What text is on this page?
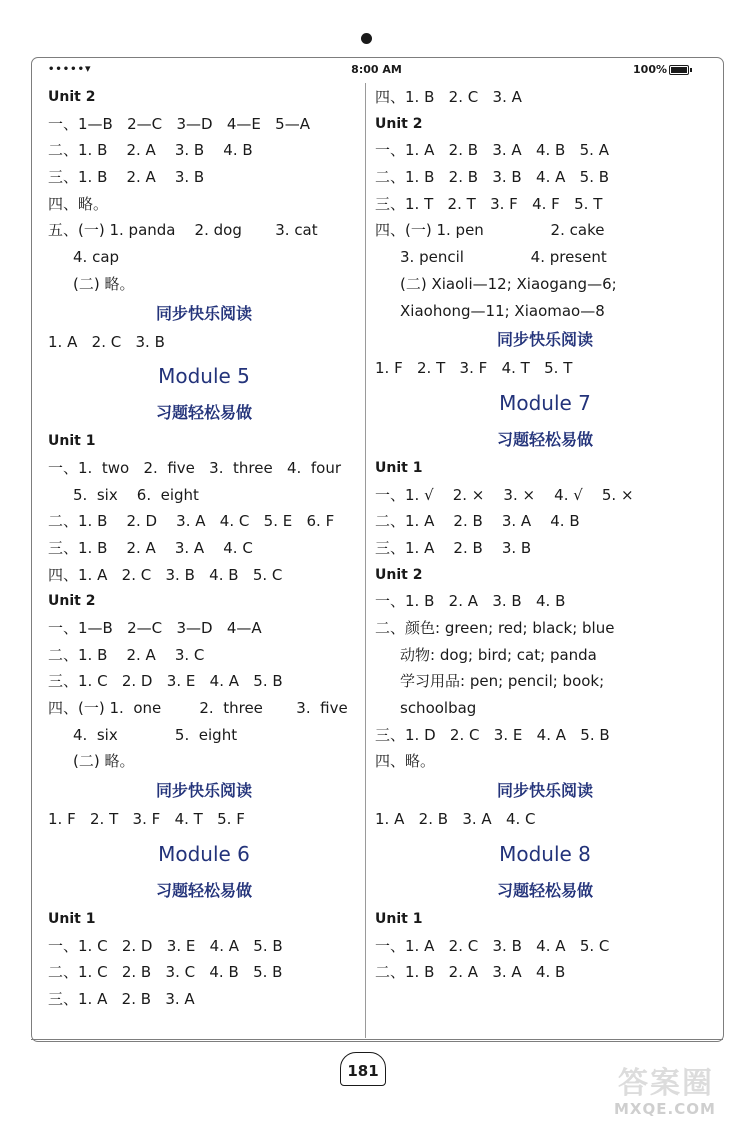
••••• ▾	8:00 AM	100%
Unit 2
一、1—B   2—C   3—D   4—E   5—A
二、1. B    2. A    3. B    4. B
三、1. B    2. A    3. B
四、略。
五、(一) 1. panda    2. dog       3. cat
4. cap
(二) 略。
同步快乐阅读
1. A   2. C   3. B
Module 5
习题轻松易做
Unit 1
一、1.  two   2.  five   3.  three   4.  four
5.  six    6.  eight
二、1. B    2. D    3. A   4. C   5. E   6. F
三、1. B    2. A    3. A    4. C
四、1. A   2. C   3. B   4. B   5. C
Unit 2
一、1—B   2—C   3—D   4—A
二、1. B    2. A    3. C
三、1. C   2. D   3. E   4. A   5. B
四、(一) 1.  one        2.  three       3.  five
4.  six            5.  eight
(二) 略。
同步快乐阅读
1. F   2. T   3. F   4. T   5. F
Module 6
习题轻松易做
Unit 1
一、1. C   2. D   3. E   4. A   5. B
二、1. C   2. B   3. C   4. B   5. B
三、1. A   2. B   3. A
四、1. B   2. C   3. A
Unit 2
一、1. A   2. B   3. A   4. B   5. A
二、1. B   2. B   3. B   4. A   5. B
三、1. T   2. T   3. F   4. F   5. T
四、(一) 1. pen              2. cake
3. pencil              4. present
(二) Xiaoli—12; Xiaogang—6;
Xiaohong—11; Xiaomao—8
同步快乐阅读
1. F   2. T   3. F   4. T   5. T
Module 7
习题轻松易做
Unit 1
一、1. √    2. ×    3. ×    4. √    5. ×
二、1. A    2. B    3. A    4. B
三、1. A    2. B    3. B
Unit 2
一、1. B   2. A   3. B   4. B
二、颜色: green; red; black; blue
动物: dog; bird; cat; panda
学习用品: pen; pencil; book;
schoolbag
三、1. D   2. C   3. E   4. A   5. B
四、略。
同步快乐阅读
1. A   2. B   3. A   4. C
Module 8
习题轻松易做
Unit 1
一、1. A   2. C   3. B   4. A   5. C
二、1. B   2. A   3. A   4. B
181	答案圈
MXQE.COM
